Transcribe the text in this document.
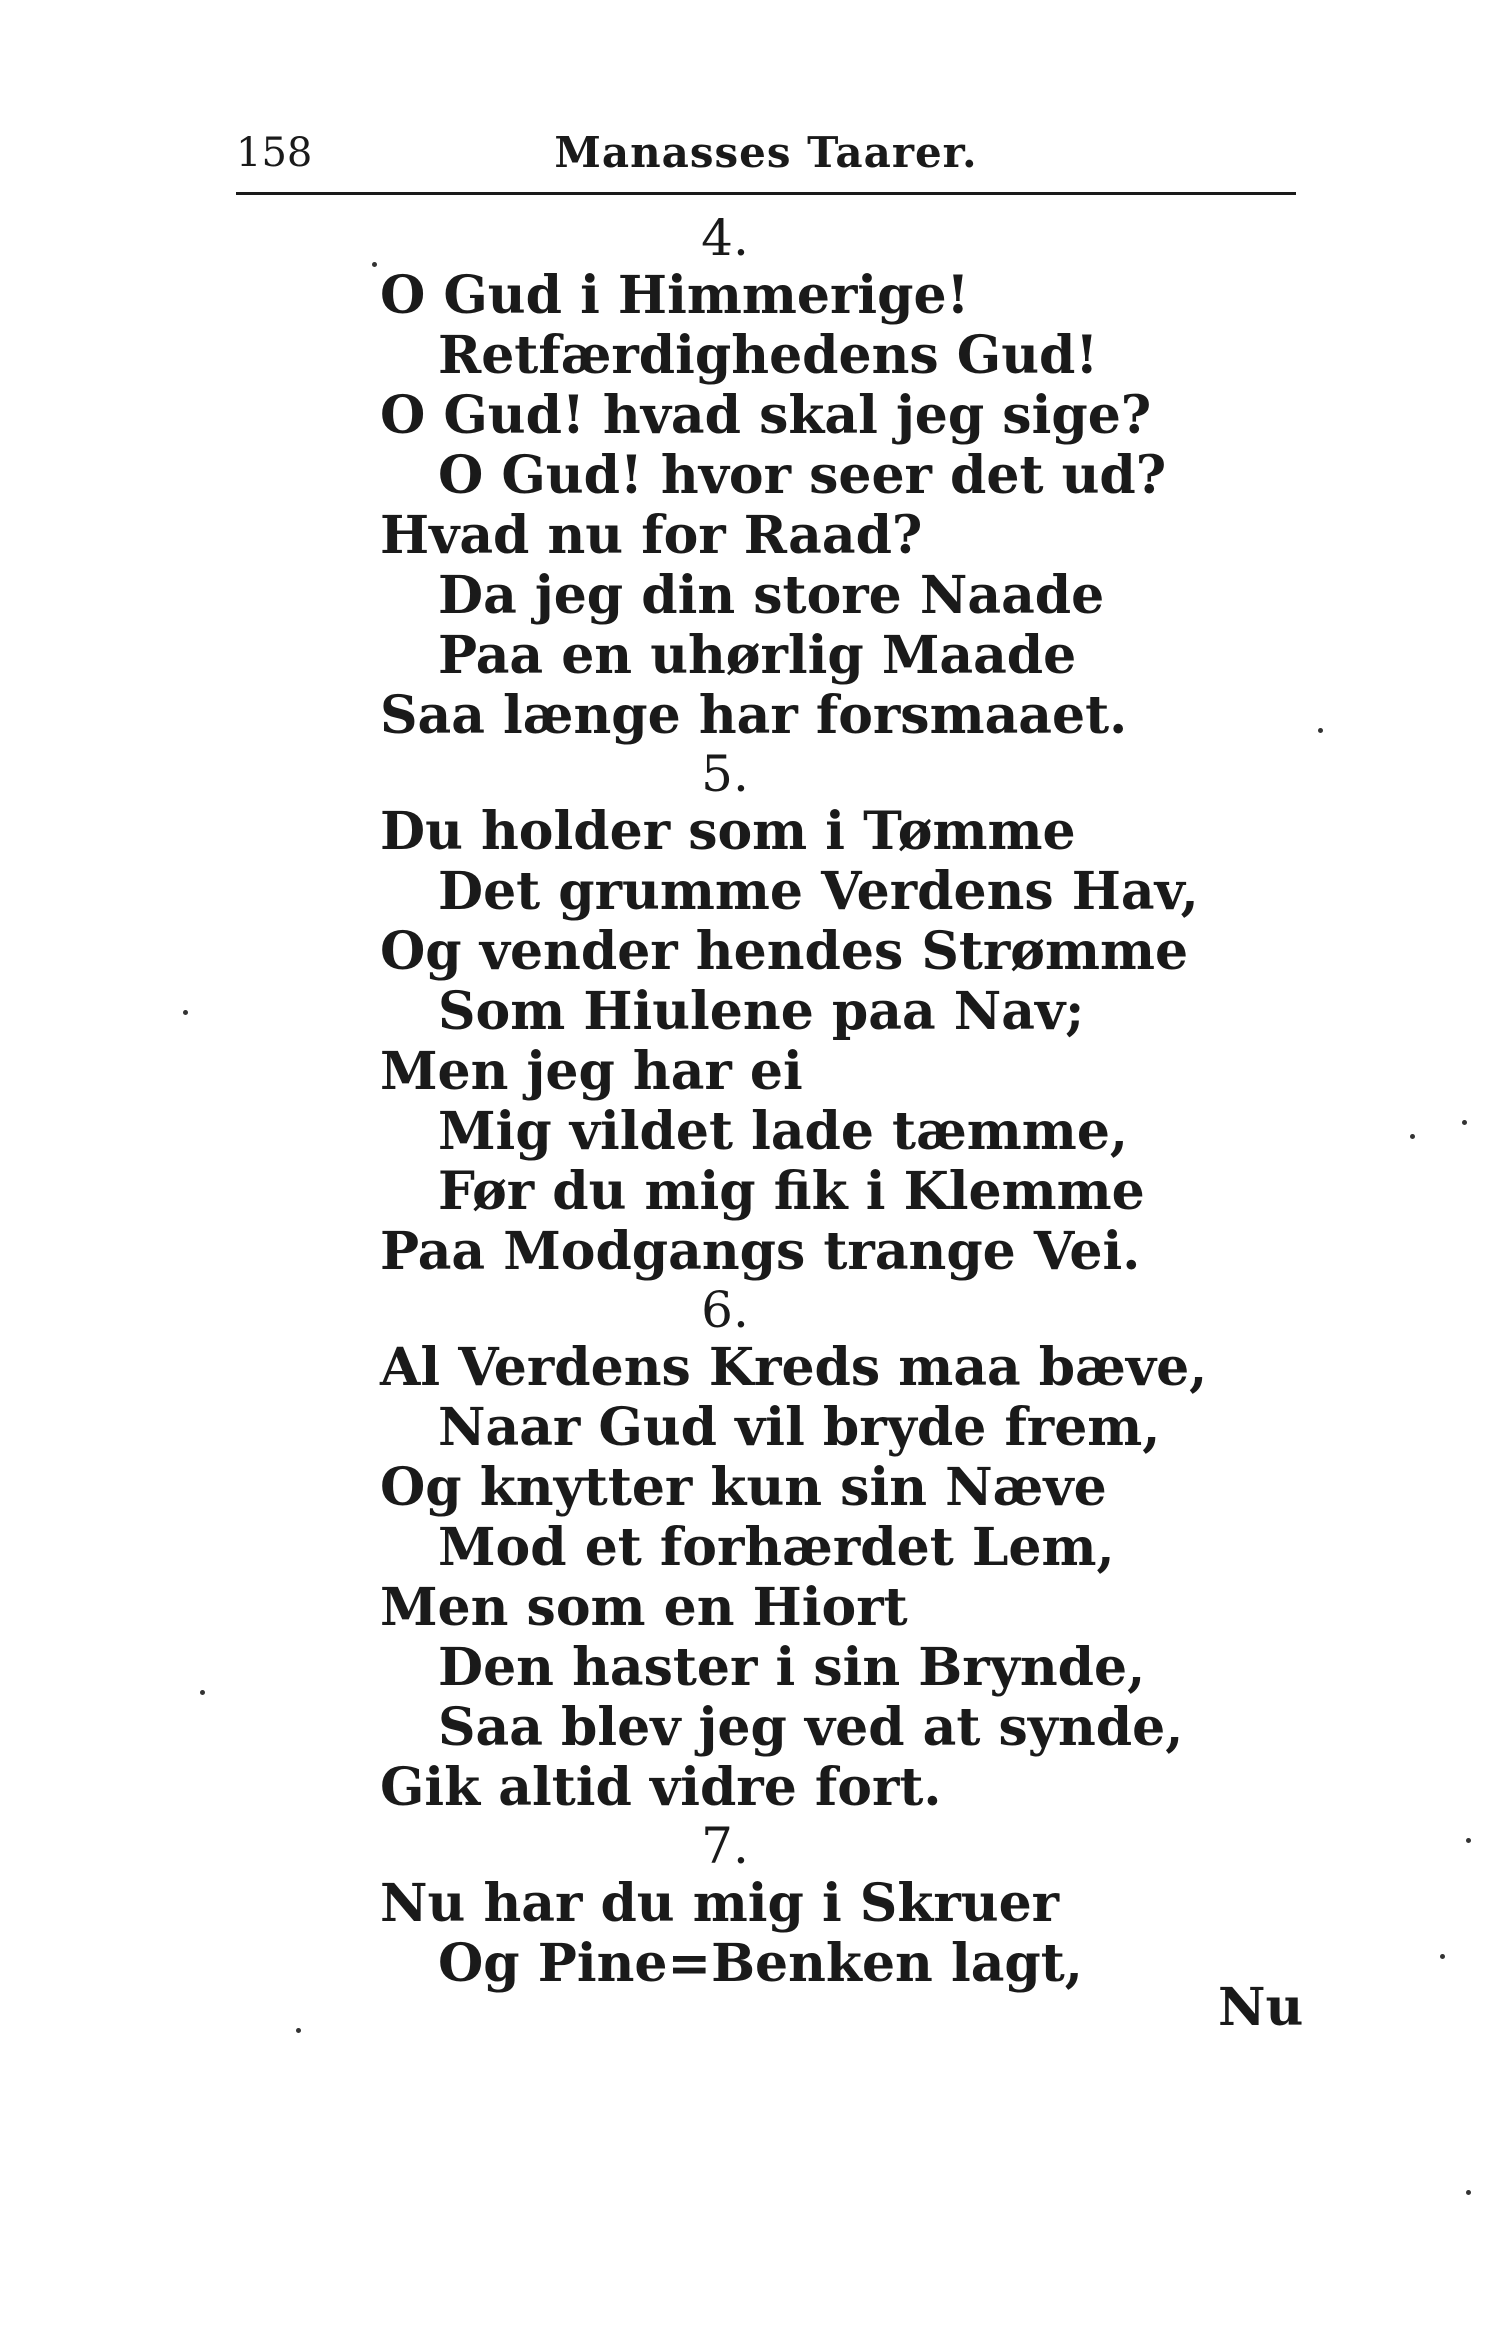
158	Manasses Taarer.
4.
O Gud i Himmerige!
Retfærdighedens Gud!
O Gud! hvad skal jeg sige?
O Gud! hvor seer det ud?
Hvad nu for Raad?
Da jeg din store Naade
Paa en uhørlig Maade
Saa længe har forsmaaet.
5.
Du holder som i Tømme
Det grumme Verdens Hav,
Og vender hendes Strømme
Som Hiulene paa Nav;
Men jeg har ei
Mig vildet lade tæmme,
Før du mig fik i Klemme
Paa Modgangs trange Vei.
6.
Al Verdens Kreds maa bæve,
Naar Gud vil bryde frem,
Og knytter kun sin Næve
Mod et forhærdet Lem,
Men som en Hiort
Den haster i sin Brynde,
Saa blev jeg ved at synde,
Gik altid vidre fort.
7.
Nu har du mig i Skruer
Og Pine=Benken lagt,
Nu
